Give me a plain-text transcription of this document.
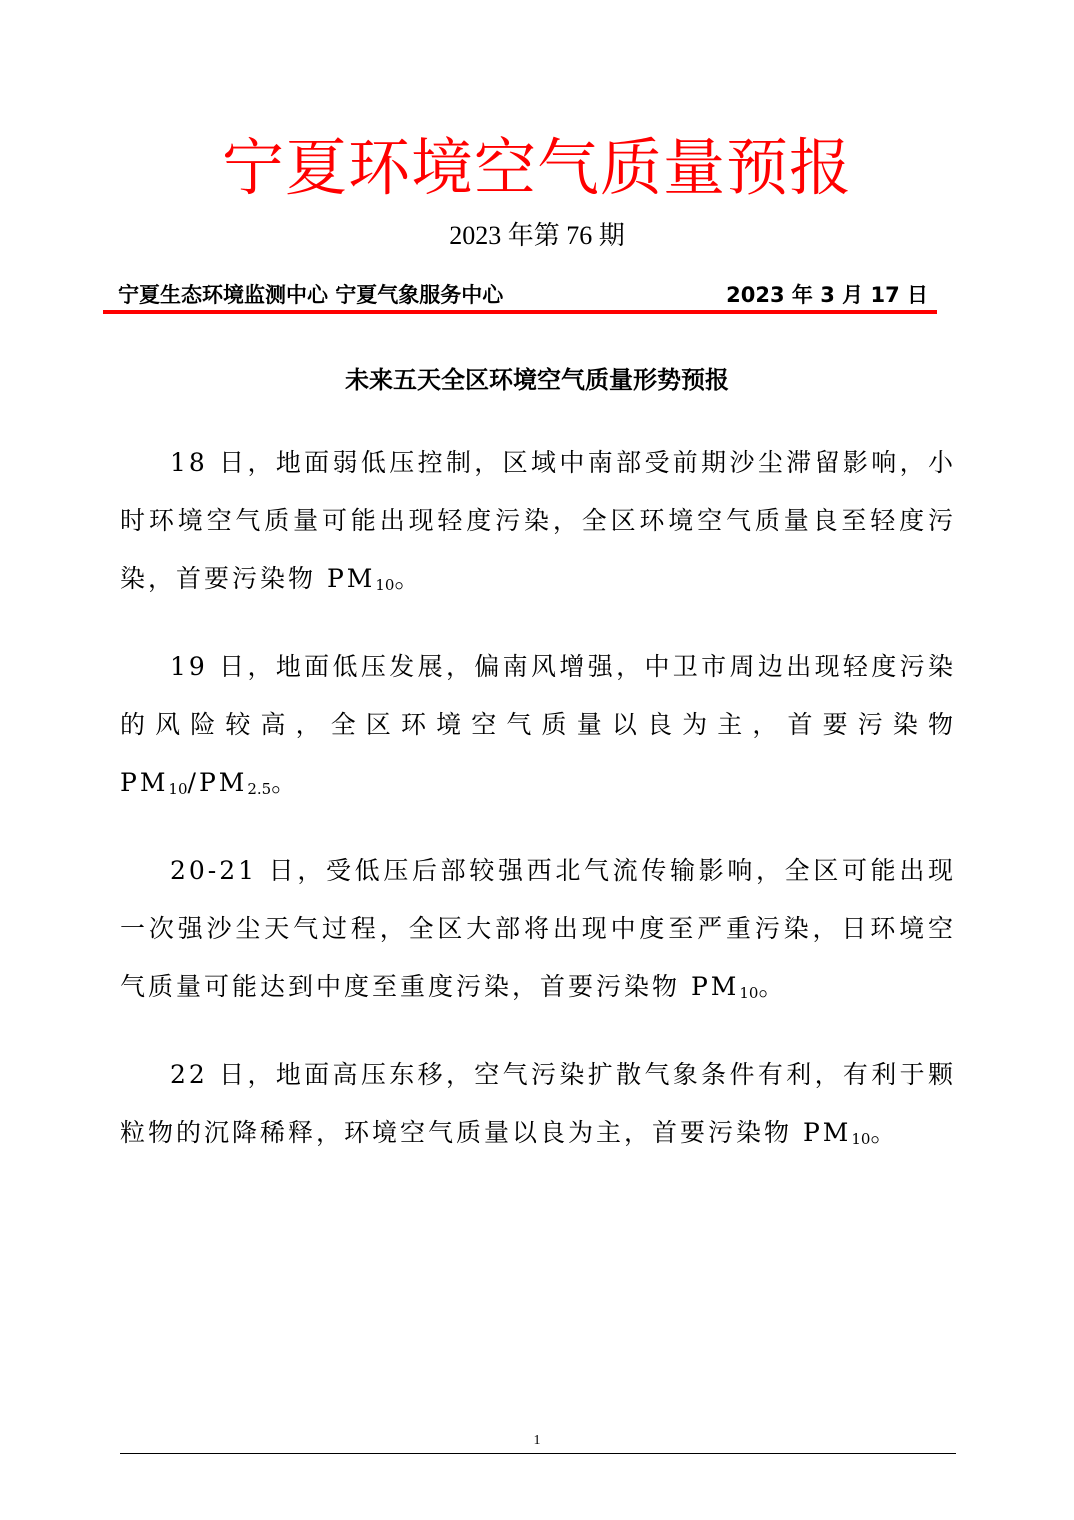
宁夏环境空气质量预报
2023 年第 76 期
宁夏生态环境监测中心 宁夏气象服务中心	2023 年 3 月 17 日
未来五天全区环境空气质量形势预报

18 日，地面弱低压控制，区域中南部受前期沙尘滞留影响，小时环境空气质量可能出现轻度污染，全区环境空气质量良至轻度污染，首要污染物 $PM_{10}$。

19 日，地面低压发展，偏南风增强，中卫市周边出现轻度污染的风险较高，全区环境空气质量以良为主，首要污染物 $PM_{10}/PM_{2.5}$。

20-21 日，受低压后部较强西北气流传输影响，全区可能出现一次强沙尘天气过程，全区大部将出现中度至严重污染，日环境空气质量可能达到中度至重度污染，首要污染物 $PM_{10}$。

22 日，地面高压东移，空气污染扩散气象条件有利，有利于颗粒物的沉降稀释，环境空气质量以良为主，首要污染物 $PM_{10}$。

1
